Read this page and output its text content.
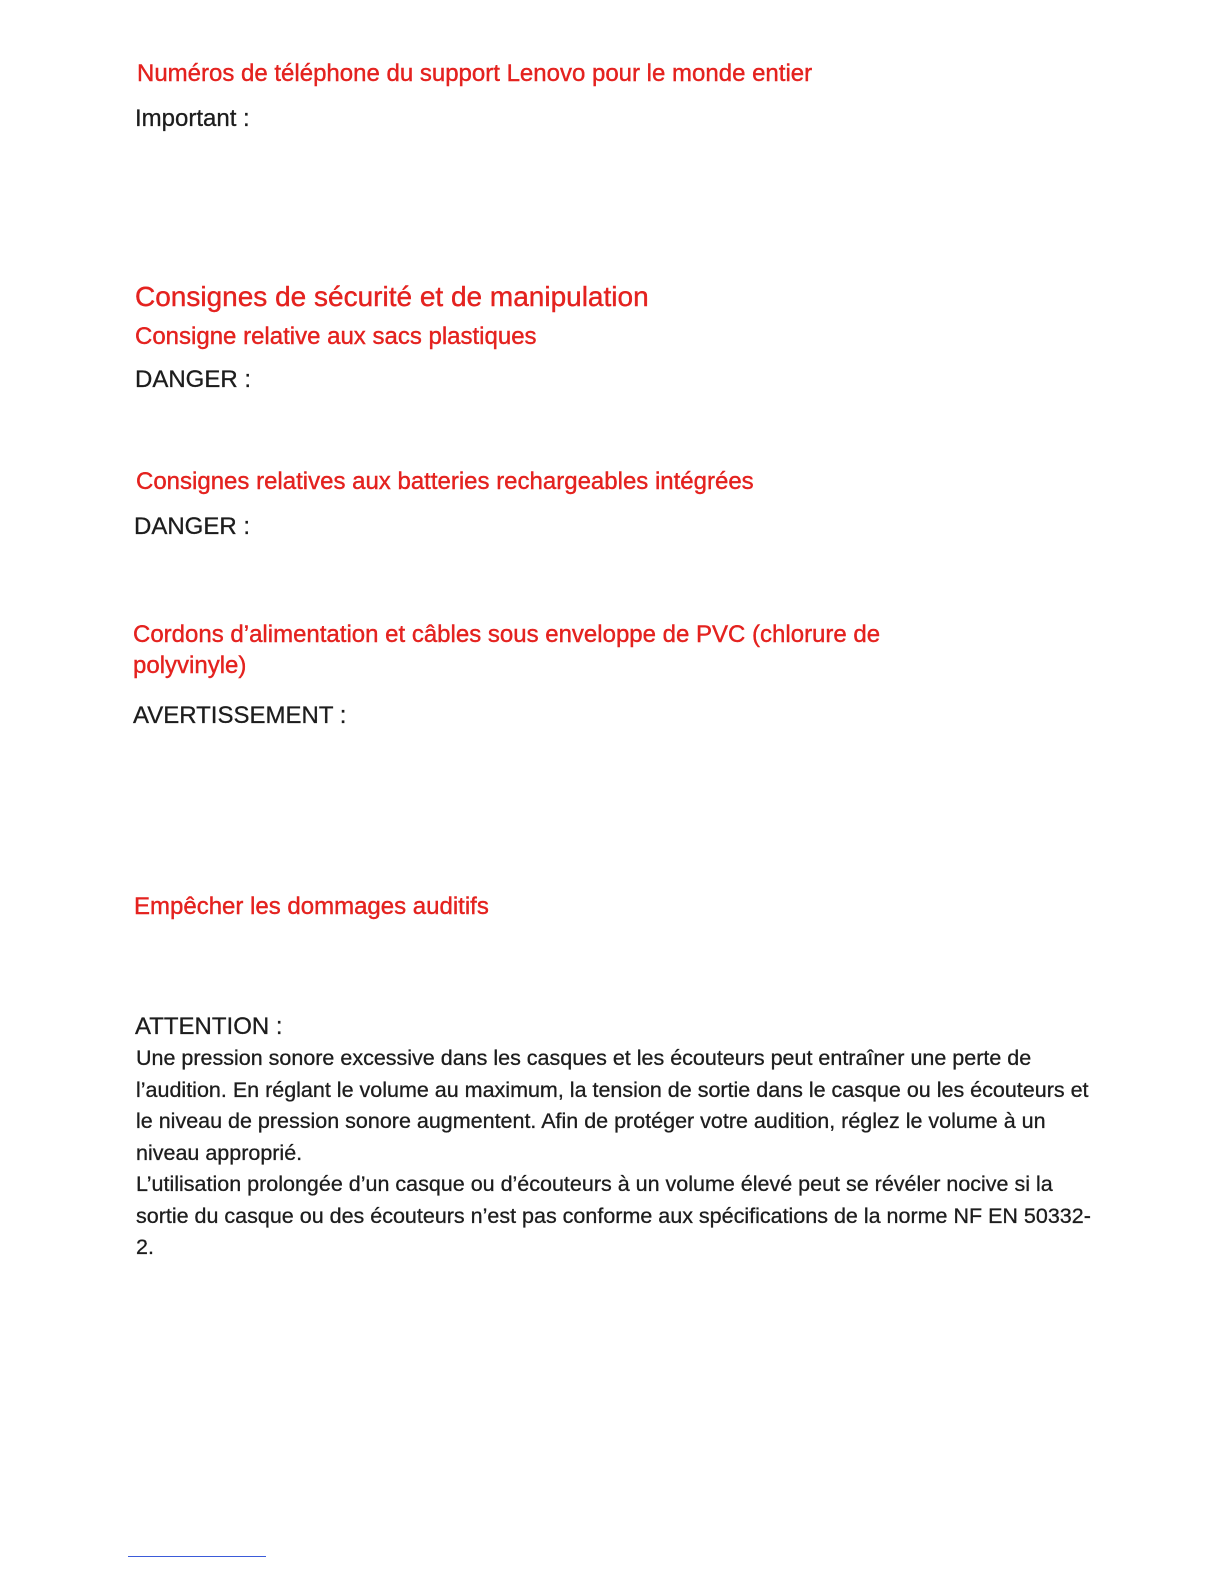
Numéros de téléphone du support Lenovo pour le monde entier
Important :
Consignes de sécurité et de manipulation
Consigne relative aux sacs plastiques
DANGER :
Consignes relatives aux batteries rechargeables intégrées
DANGER :
Cordons d’alimentation et câbles sous enveloppe de PVC (chlorure de
polyvinyle)
AVERTISSEMENT :
Empêcher les dommages auditifs
ATTENTION :

Une pression sonore excessive dans les casques et les écouteurs peut entraîner une perte de l’audition. En réglant le volume au maximum, la tension de sortie dans le casque ou les écouteurs et le niveau de pression sonore augmentent. Afin de protéger votre audition, réglez le volume à un niveau approprié.

L’utilisation prolongée d’un casque ou d’écouteurs à un volume élevé peut se révéler nocive si la sortie du casque ou des écouteurs n’est pas conforme aux spécifications de la norme NF EN 50332-2.
